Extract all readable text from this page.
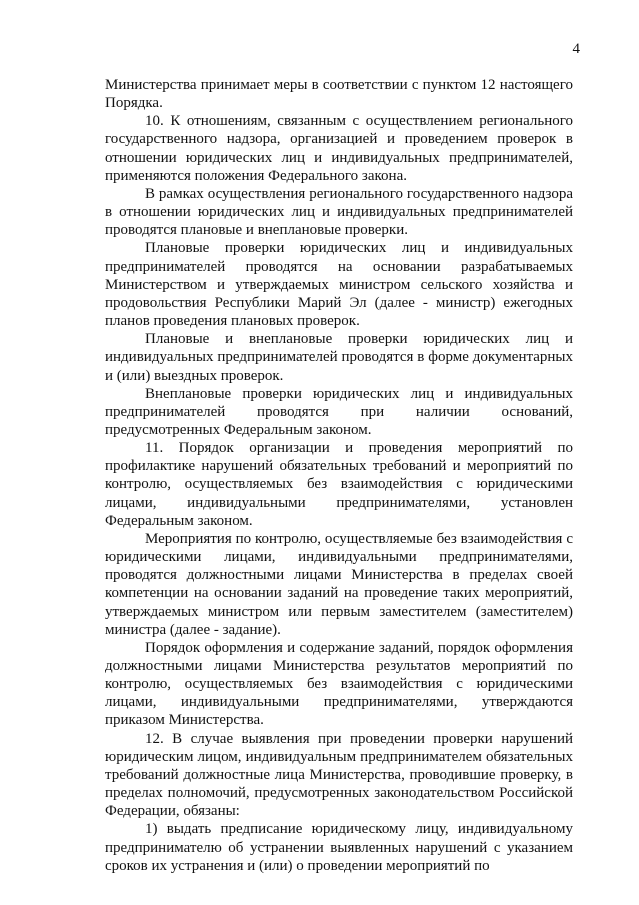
4

Министерства принимает меры в соответствии с пунктом 12 настоящего Порядка.

10. К отношениям, связанным с осуществлением регионального государственного надзора, организацией и проведением проверок в отношении юридических лиц и индивидуальных предпринимателей, применяются положения Федерального закона.

В рамках осуществления регионального государственного надзора в отношении юридических лиц и индивидуальных предпринимателей проводятся плановые и внеплановые проверки.

Плановые проверки юридических лиц и индивидуальных предпринимателей проводятся на основании разрабатываемых Министерством и утверждаемых министром сельского хозяйства и продовольствия Республики Марий Эл (далее - министр) ежегодных планов проведения плановых проверок.

Плановые и внеплановые проверки юридических лиц и индивидуальных предпринимателей проводятся в форме документарных и (или) выездных проверок.

Внеплановые проверки юридических лиц и индивидуальных предпринимателей проводятся при наличии оснований, предусмотренных Федеральным законом.

11. Порядок организации и проведения мероприятий по профилактике нарушений обязательных требований и мероприятий по контролю, осуществляемых без взаимодействия с юридическими лицами, индивидуальными предпринимателями, установлен Федеральным законом.

Мероприятия по контролю, осуществляемые без взаимодействия с юридическими лицами, индивидуальными предпринимателями, проводятся должностными лицами Министерства в пределах своей компетенции на основании заданий на проведение таких мероприятий, утверждаемых министром или первым заместителем (заместителем) министра (далее - задание).

Порядок оформления и содержание заданий, порядок оформления должностными лицами Министерства результатов мероприятий по контролю, осуществляемых без взаимодействия с юридическими лицами, индивидуальными предпринимателями, утверждаются приказом Министерства.

12. В случае выявления при проведении проверки нарушений юридическим лицом, индивидуальным предпринимателем обязательных требований должностные лица Министерства, проводившие проверку, в пределах полномочий, предусмотренных законодательством Российской Федерации, обязаны:

1) выдать предписание юридическому лицу, индивидуальному предпринимателю об устранении выявленных нарушений с указанием сроков их устранения и (или) о проведении мероприятий по
